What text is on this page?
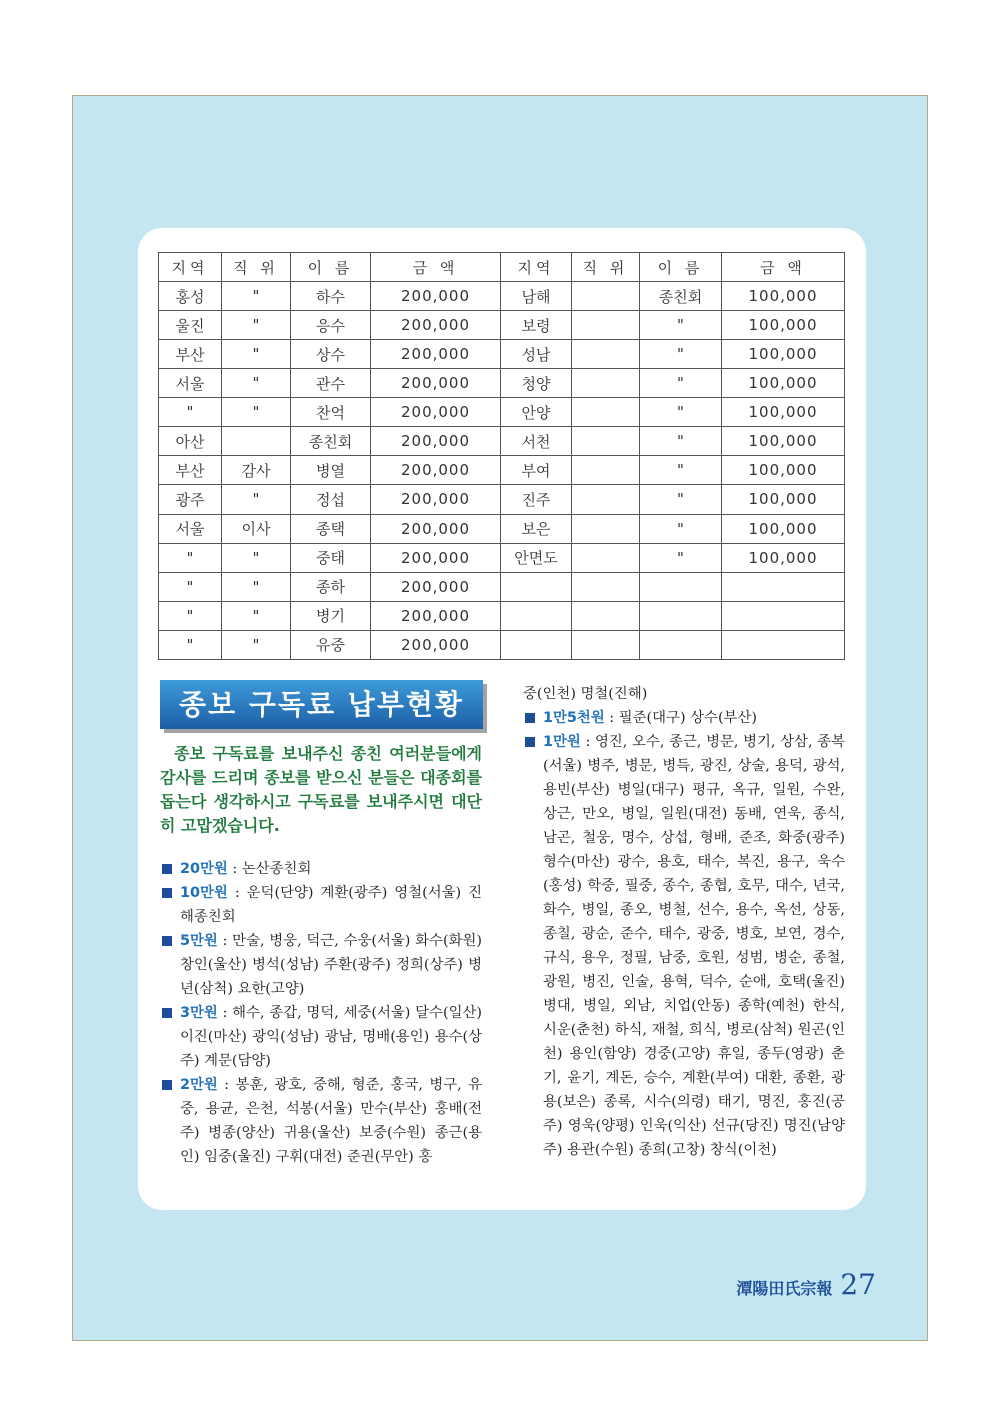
지역	직 위	이 름	금 액	지역	직 위	이 름	금 액
홍성	"	하수	200,000	남해		종친회	100,000
울진	"	응수	200,000	보령		"	100,000
부산	"	상수	200,000	성남		"	100,000
서울	"	관수	200,000	청양		"	100,000
"	"	찬억	200,000	안양		"	100,000
아산		종친회	200,000	서천		"	100,000
부산	감사	병열	200,000	부여		"	100,000
광주	"	정섭	200,000	진주		"	100,000
서울	이사	종택	200,000	보은		"	100,000
"	"	중태	200,000	안면도		"	100,000
"	"	종하	200,000				
"	"	병기	200,000				
"	"	유중	200,000				
종보 구독료 납부현황

종보 구독료를 보내주신 종친 여러분들에게 감사를 드리며 종보를 받으신 분들은 대종회를 돕는다 생각하시고 구독료를 보내주시면 대단히 고맙겠습니다.

20만원 : 논산종친회

10만원 : 운덕(단양) 계환(광주) 영철(서울) 진해종친회

5만원 : 만술, 병웅, 덕근, 수웅(서울) 화수(화원) 창인(울산) 병석(성남) 주환(광주) 정희(상주) 병년(삼척) 요한(고양)

3만원 : 해수, 종갑, 명덕, 세중(서울) 달수(일산) 이진(마산) 광익(성남) 광남, 명배(용인) 용수(상주) 계문(담양)

2만원 : 봉훈, 광호, 중해, 형준, 홍국, 병구, 유중, 용균, 은천, 석봉(서울) 만수(부산) 홍배(전주) 병종(양산) 귀용(울산) 보중(수원) 종근(용인) 임중(울진) 구휘(대전) 준권(무안) 홍

중(인천) 명철(진해)

1만5천원 : 필준(대구) 상수(부산)

1만원 : 영진, 오수, 종근, 병문, 병기, 상삼, 종복(서울) 병주, 병문, 병득, 광진, 상술, 용덕, 광석, 용빈(부산) 병일(대구) 평규, 옥규, 일원, 수완, 상근, 만오, 병일, 일원(대전) 동배, 연욱, 종식, 남곤, 철웅, 명수, 상섭, 형배, 준조, 화중(광주) 형수(마산) 광수, 용호, 태수, 복진, 용구, 욱수(홍성) 학중, 필중, 종수, 종협, 호무, 대수, 년국, 화수, 병일, 종오, 병철, 선수, 용수, 옥선, 상동, 종칠, 광순, 준수, 태수, 광중, 병호, 보연, 경수, 규식, 용우, 정필, 남중, 호원, 성범, 병순, 종철, 광원, 병진, 인술, 용혁, 덕수, 순애, 호택(울진) 병대, 병일, 외남, 치업(안동) 종학(예천) 한식, 시운(춘천) 하식, 재철, 희식, 병로(삼척) 원곤(인천) 용인(함양) 경중(고양) 휴일, 종두(영광) 춘기, 윤기, 계돈, 승수, 계환(부여) 대환, 종환, 광용(보은) 종록, 시수(의령) 태기, 명진, 홍진(공주) 영욱(양평) 인욱(익산) 선규(당진) 명진(남양주) 용관(수원) 종희(고창) 창식(이천)

潭陽田氏宗報 27
